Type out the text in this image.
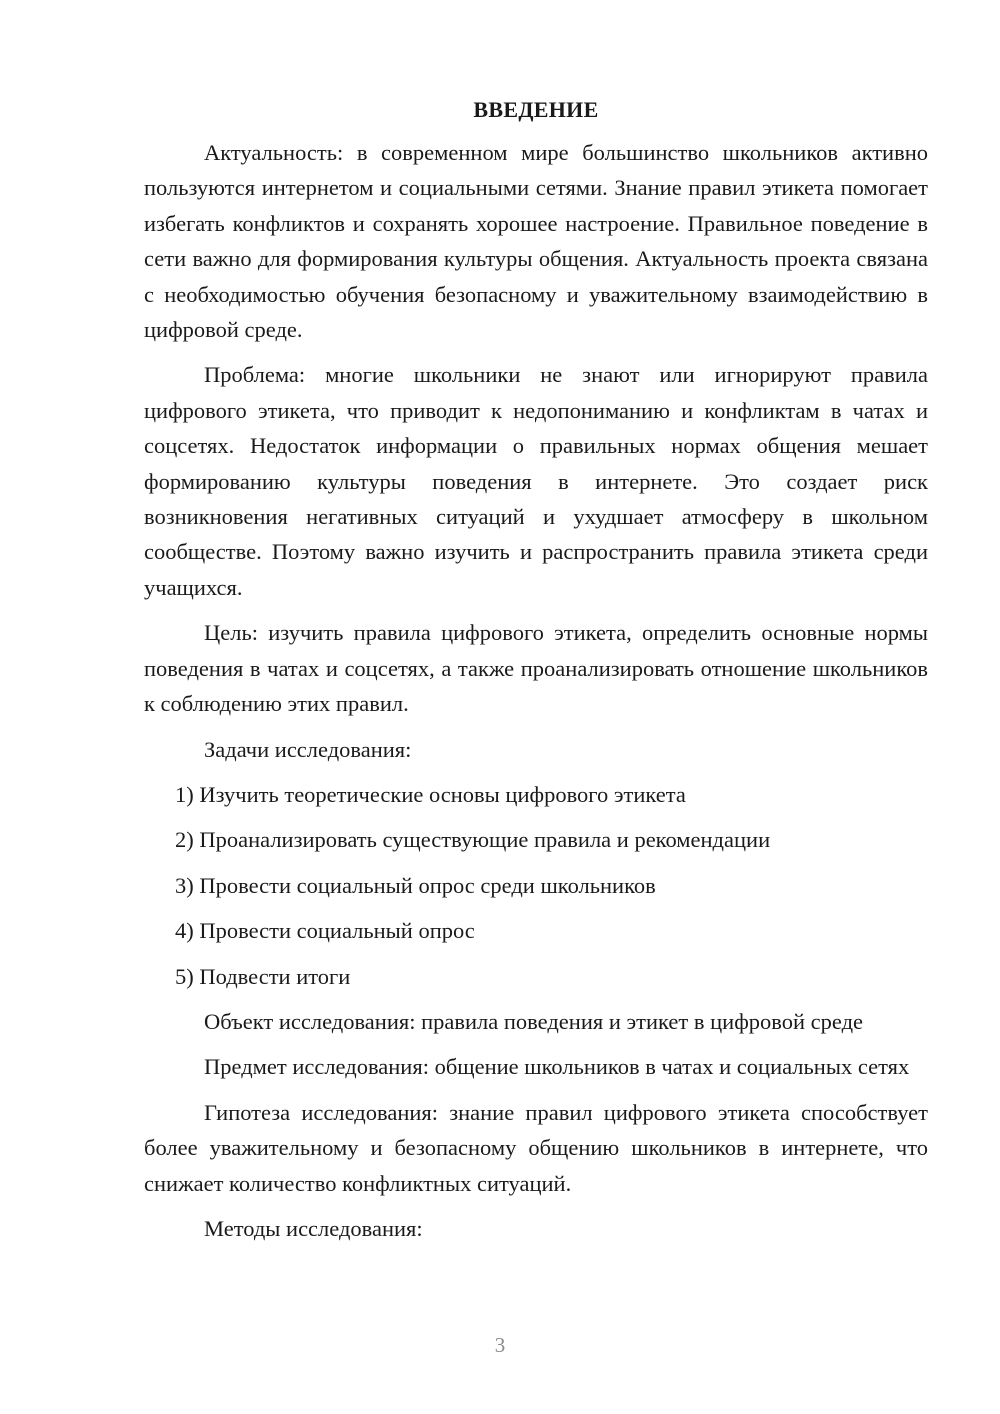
ВВЕДЕНИЕ

Актуальность: в современном мире большинство школьников активно пользуются интернетом и социальными сетями. Знание правил этикета помогает избегать конфликтов и сохранять хорошее настроение. Правильное поведение в сети важно для формирования культуры общения. Актуальность проекта связана с необходимостью обучения безопасному и уважительному взаимодействию в цифровой среде.

Проблема: многие школьники не знают или игнорируют правила цифрового этикета, что приводит к недопониманию и конфликтам в чатах и соцсетях. Недостаток информации о правильных нормах общения мешает формированию культуры поведения в интернете. Это создает риск возникновения негативных ситуаций и ухудшает атмосферу в школьном сообществе. Поэтому важно изучить и распространить правила этикета среди учащихся.

Цель: изучить правила цифрового этикета, определить основные нормы поведения в чатах и соцсетях, а также проанализировать отношение школьников к соблюдению этих правил.

Задачи исследования:

1) Изучить теоретические основы цифрового этикета
2) Проанализировать существующие правила и рекомендации
3) Провести социальный опрос среди школьников
4) Провести социальный опрос
5) Подвести итоги

Объект исследования: правила поведения и этикет в цифровой среде

Предмет исследования: общение школьников в чатах и социальных сетях

Гипотеза исследования: знание правил цифрового этикета способствует более уважительному и безопасному общению школьников в интернете, что снижает количество конфликтных ситуаций.

Методы исследования:

3
